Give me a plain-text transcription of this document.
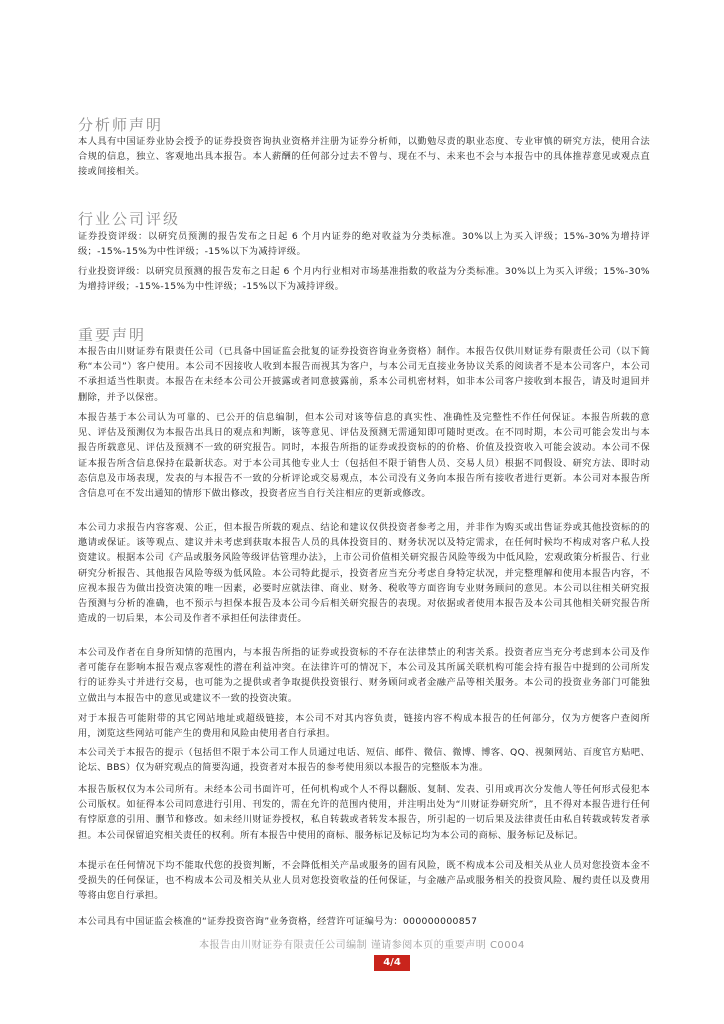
分析师声明

本人具有中国证券业协会授予的证券投资咨询执业资格并注册为证券分析师，以勤勉尽责的职业态度、专业审慎的研究方法，使用合法合规的信息，独立、客观地出具本报告。本人薪酬的任何部分过去不曾与、现在不与、未来也不会与本报告中的具体推荐意见或观点直接或间接相关。

行业公司评级

证券投资评级：以研究员预测的报告发布之日起 6 个月内证券的绝对收益为分类标准。30%以上为买入评级；15%-30%为增持评级；-15%-15%为中性评级；-15%以下为减持评级。

行业投资评级：以研究员预测的报告发布之日起 6 个月内行业相对市场基准指数的收益为分类标准。30%以上为买入评级；15%-30%为增持评级；-15%-15%为中性评级；-15%以下为减持评级。

重要声明

本报告由川财证券有限责任公司（已具备中国证监会批复的证券投资咨询业务资格）制作。本报告仅供川财证券有限责任公司（以下简称“本公司”）客户使用。本公司不因接收人收到本报告而视其为客户，与本公司无直接业务协议关系的阅读者不是本公司客户，本公司不承担适当性职责。本报告在未经本公司公开披露或者同意披露前，系本公司机密材料，如非本公司客户接收到本报告，请及时退回并删除，并予以保密。

本报告基于本公司认为可靠的、已公开的信息编制，但本公司对该等信息的真实性、准确性及完整性不作任何保证。本报告所载的意见、评估及预测仅为本报告出具日的观点和判断，该等意见、评估及预测无需通知即可随时更改。在不同时期，本公司可能会发出与本报告所载意见、评估及预测不一致的研究报告。同时，本报告所指的证券或投资标的的价格、价值及投资收入可能会波动。本公司不保证本报告所含信息保持在最新状态。对于本公司其他专业人士（包括但不限于销售人员、交易人员）根据不同假设、研究方法、即时动态信息及市场表现，发表的与本报告不一致的分析评论或交易观点，本公司没有义务向本报告所有接收者进行更新。本公司对本报告所含信息可在不发出通知的情形下做出修改，投资者应当自行关注相应的更新或修改。

本公司力求报告内容客观、公正，但本报告所载的观点、结论和建议仅供投资者参考之用，并非作为购买或出售证券或其他投资标的的邀请或保证。该等观点、建议并未考虑到获取本报告人员的具体投资目的、财务状况以及特定需求，在任何时候均不构成对客户私人投资建议。根据本公司《产品或服务风险等级评估管理办法》，上市公司价值相关研究报告风险等级为中低风险，宏观政策分析报告、行业研究分析报告、其他报告风险等级为低风险。本公司特此提示，投资者应当充分考虑自身特定状况，并完整理解和使用本报告内容，不应视本报告为做出投资决策的唯一因素，必要时应就法律、商业、财务、税收等方面咨询专业财务顾问的意见。本公司以往相关研究报告预测与分析的准确，也不预示与担保本报告及本公司今后相关研究报告的表现。对依据或者使用本报告及本公司其他相关研究报告所造成的一切后果，本公司及作者不承担任何法律责任。

本公司及作者在自身所知情的范围内，与本报告所指的证券或投资标的不存在法律禁止的利害关系。投资者应当充分考虑到本公司及作者可能存在影响本报告观点客观性的潜在利益冲突。在法律许可的情况下，本公司及其所属关联机构可能会持有报告中提到的公司所发行的证券头寸并进行交易，也可能为之提供或者争取提供投资银行、财务顾问或者金融产品等相关服务。本公司的投资业务部门可能独立做出与本报告中的意见或建议不一致的投资决策。

对于本报告可能附带的其它网站地址或超级链接，本公司不对其内容负责，链接内容不构成本报告的任何部分，仅为方便客户查阅所用，浏览这些网站可能产生的费用和风险由使用者自行承担。

本公司关于本报告的提示（包括但不限于本公司工作人员通过电话、短信、邮件、微信、微博、博客、QQ、视频网站、百度官方贴吧、论坛、BBS）仅为研究观点的简要沟通，投资者对本报告的参考使用须以本报告的完整版本为准。

本报告版权仅为本公司所有。未经本公司书面许可，任何机构或个人不得以翻版、复制、发表、引用或再次分发他人等任何形式侵犯本公司版权。如征得本公司同意进行引用、刊发的，需在允许的范围内使用，并注明出处为“川财证券研究所”，且不得对本报告进行任何有悖原意的引用、删节和修改。如未经川财证券授权，私自转载或者转发本报告，所引起的一切后果及法律责任由私自转载或转发者承担。本公司保留追究相关责任的权利。所有本报告中使用的商标、服务标记及标记均为本公司的商标、服务标记及标记。

本提示在任何情况下均不能取代您的投资判断，不会降低相关产品或服务的固有风险，既不构成本公司及相关从业人员对您投资本金不受损失的任何保证，也不构成本公司及相关从业人员对您投资收益的任何保证，与金融产品或服务相关的投资风险、履约责任以及费用等将由您自行承担。

本公司具有中国证监会核准的“证券投资咨询”业务资格，经营许可证编号为：000000000857

本报告由川财证券有限责任公司编制 谨请参阅本页的重要声明 C0004

4/4
